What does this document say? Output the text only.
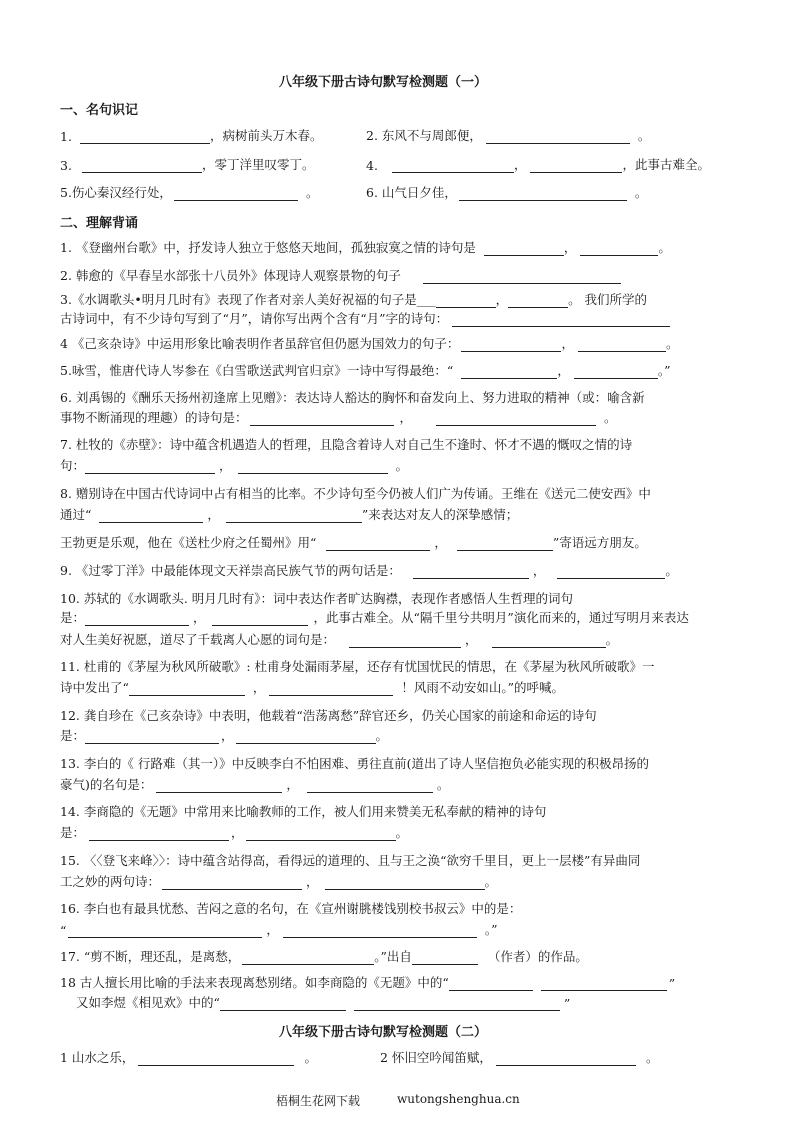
八年级下册古诗句默写检测题（一）
一、名句识记
1.	，病树前头万木春。	2. 东风不与周郎便，	。
3.	，零丁洋里叹零丁。	4.	，	，此事古难全。
5.伤心秦汉经行处，	。	6. 山气日夕佳，	。
二、理解背诵
1. 《登幽州台歌》中，抒发诗人独立于悠悠天地间，孤独寂寞之情的诗句是	，	。
2. 韩愈的《早春呈水部张十八员外》体现诗人观察景物的句子
3.《水调歌头•明月几时有》表现了作者对亲人美好祝福的句子是___	，	。 我们所学的
古诗词中，有不少诗句写到了“月”，请你写出两个含有“月”字的诗句：
4 《己亥杂诗》中运用形象比喻表明作者虽辞官但仍愿为国效力的句子：	，	。
5.咏雪，惟唐代诗人岑参在《白雪歌送武判官归京》一诗中写得最绝：“	，	。”
6. 刘禹锡的《酬乐天扬州初逢席上见赠》：表达诗人豁达的胸怀和奋发向上、努力进取的精神（或：喻含新
事物不断涌现的理趣）的诗句是：	，	。
7. 杜牧的《赤壁》：诗中蕴含机遇造人的哲理，且隐含着诗人对自己生不逢时、怀才不遇的慨叹之情的诗
句：	，	。
8. 赠别诗在中国古代诗词中占有相当的比率。不少诗句至今仍被人们广为传诵。王维在《送元二使安西》中
通过“	，	”来表达对友人的深挚感情；
王勃更是乐观，他在《送杜少府之任蜀州》用“	，	”寄语远方朋友。
9. 《过零丁洋》中最能体现文天祥崇高民族气节的两句话是：	，	。
10. 苏轼的《水调歌头. 明月几时有》：词中表达作者旷达胸襟，表现作者感悟人生哲理的词句
是：	，	，此事古难全。从“隔千里兮共明月”演化而来的，通过写明月来表达
对人生美好祝愿，道尽了千载离人心愿的词句是：	，	。
11. 杜甫的《茅屋为秋风所破歌》: 杜甫身处漏雨茅屋，还存有忧国忧民的情思，在《茅屋为秋风所破歌》一
诗中发出了“	，	！风雨不动安如山。”的呼喊。
12. 龚自珍在《己亥杂诗》中表明，他载着“浩荡离愁”辞官还乡，仍关心国家的前途和命运的诗句
是：	，	。
13. 李白的《 行路难（其一）》中反映李白不怕困难、勇往直前(道出了诗人坚信抱负必能实现的积极昂扬的
豪气)的名句是：	，	。
14. 李商隐的《无题》中常用来比喻教师的工作，被人们用来赞美无私奉献的精神的诗句
是：	，	。
15. 〈〈登飞来峰〉〉：诗中蕴含站得高，看得远的道理的、且与王之涣“欲穷千里目，更上一层楼”有异曲同
工之妙的两句诗：	，	。
16. 李白也有最具忧愁、苦闷之意的名句，在《宣州谢朓楼饯别校书叔云》中的是：
“	，	。”
17. “剪不断，理还乱，是离愁，	。”出自	（作者）的作品。
18 古人擅长用比喻的手法来表现离愁别绪。如李商隐的《无题》中的“	”
又如李煜《相见欢》中的“	”
八年级下册古诗句默写检测题（二）
1 山水之乐，	。	2 怀旧空吟闻笛赋，	。
梧桐生花网下载	wutongshenghua.cn
